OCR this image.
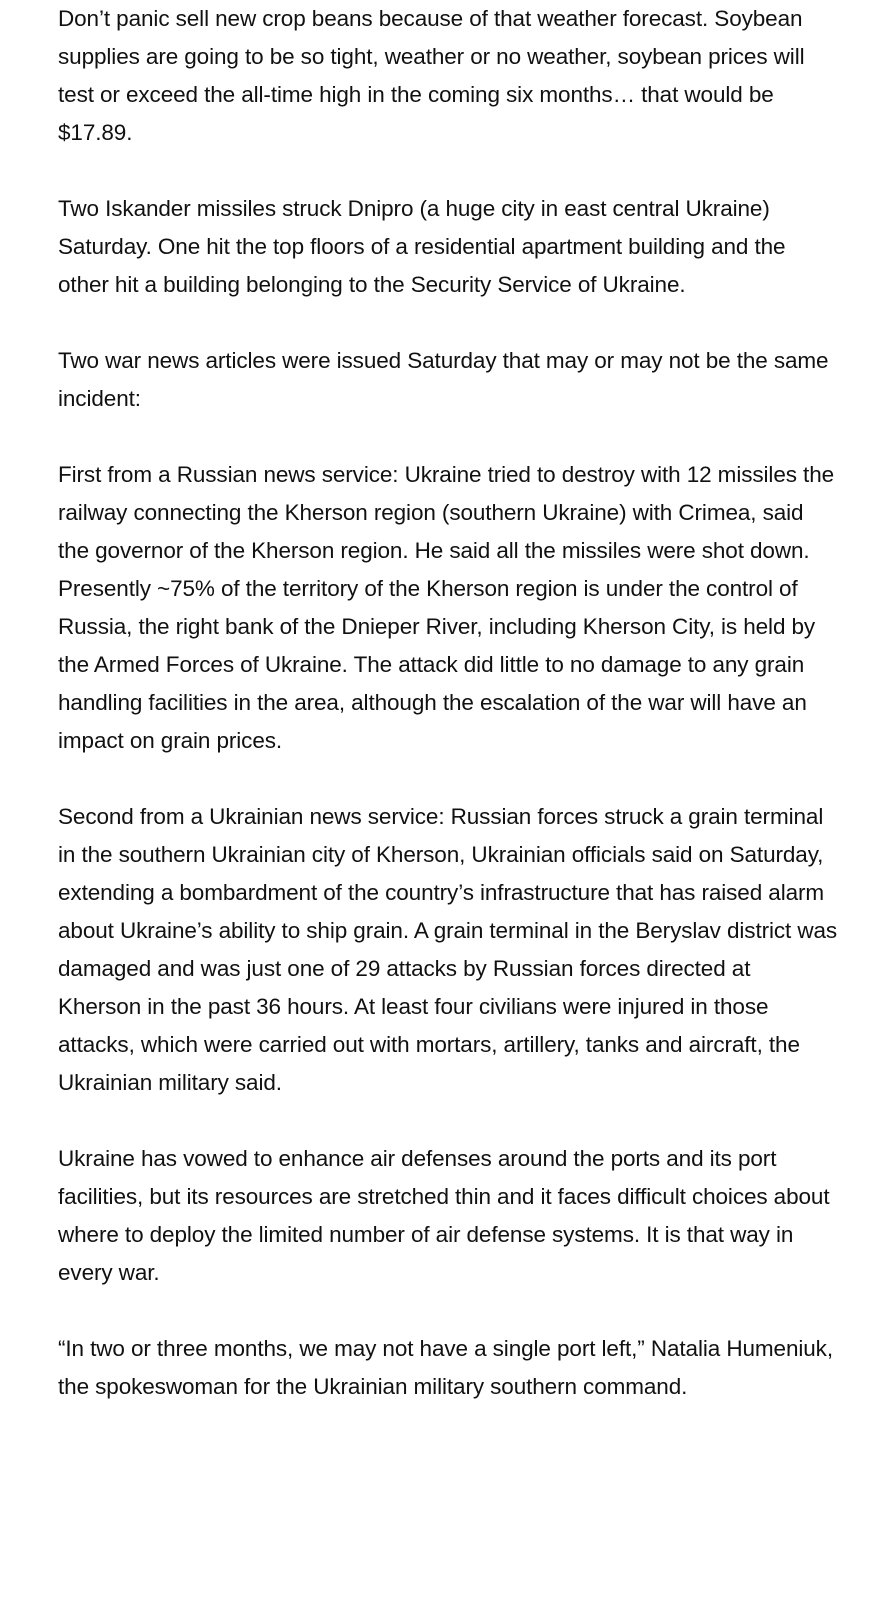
Don’t panic sell new crop beans because of that weather forecast. Soybean supplies are going to be so tight, weather or no weather, soybean prices will test or exceed the all-time high in the coming six months… that would be $17.89.

Two Iskander missiles struck Dnipro (a huge city in east central Ukraine) Saturday. One hit the top floors of a residential apartment building and the other hit a building belonging to the Security Service of Ukraine.

Two war news articles were issued Saturday that may or may not be the same incident:

First from a Russian news service: Ukraine tried to destroy with 12 missiles the railway connecting the Kherson region (southern Ukraine) with Crimea, said the governor of the Kherson region. He said all the missiles were shot down. Presently ~75% of the territory of the Kherson region is under the control of Russia, the right bank of the Dnieper River, including Kherson City, is held by the Armed Forces of Ukraine. The attack did little to no damage to any grain handling facilities in the area, although the escalation of the war will have an impact on grain prices.

Second from a Ukrainian news service: Russian forces struck a grain terminal in the southern Ukrainian city of Kherson, Ukrainian officials said on Saturday, extending a bombardment of the country’s infrastructure that has raised alarm about Ukraine’s ability to ship grain. A grain terminal in the Beryslav district was damaged and was just one of 29 attacks by Russian forces directed at Kherson in the past 36 hours. At least four civilians were injured in those attacks, which were carried out with mortars, artillery, tanks and aircraft, the Ukrainian military said.

Ukraine has vowed to enhance air defenses around the ports and its port facilities, but its resources are stretched thin and it faces difficult choices about where to deploy the limited number of air defense systems. It is that way in every war.

“In two or three months, we may not have a single port left,” Natalia Humeniuk, the spokeswoman for the Ukrainian military southern command.
